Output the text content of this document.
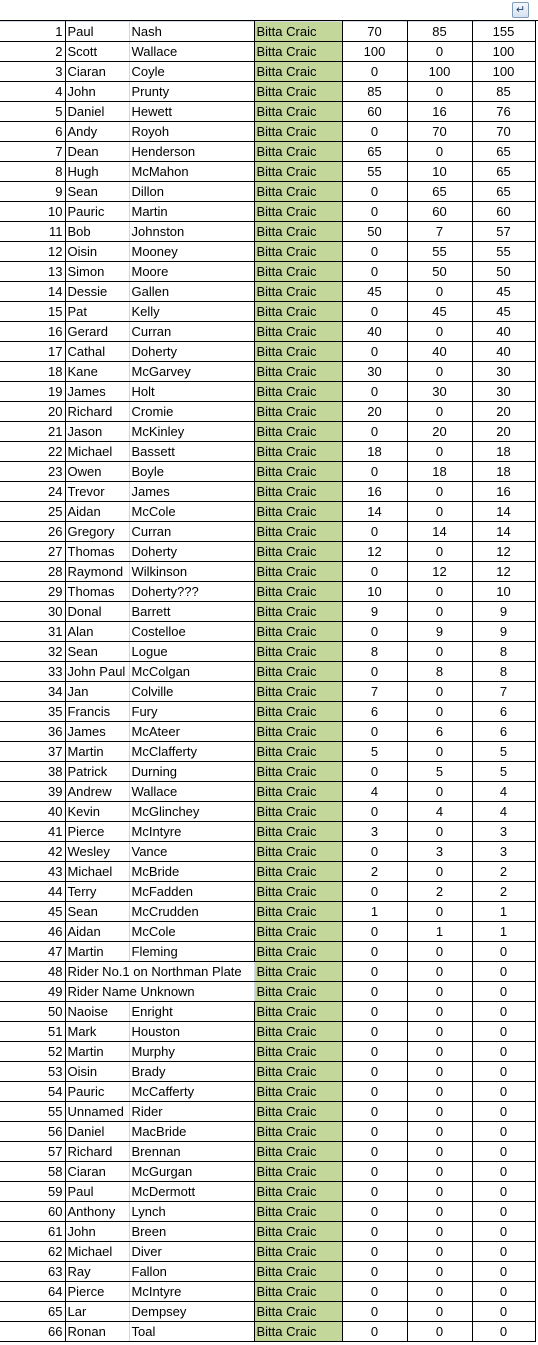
↵
1	Paul	Nash	Bitta Craic	70	85	155
2	Scott	Wallace	Bitta Craic	100	0	100
3	Ciaran	Coyle	Bitta Craic	0	100	100
4	John	Prunty	Bitta Craic	85	0	85
5	Daniel	Hewett	Bitta Craic	60	16	76
6	Andy	Royoh	Bitta Craic	0	70	70
7	Dean	Henderson	Bitta Craic	65	0	65
8	Hugh	McMahon	Bitta Craic	55	10	65
9	Sean	Dillon	Bitta Craic	0	65	65
10	Pauric	Martin	Bitta Craic	0	60	60
11	Bob	Johnston	Bitta Craic	50	7	57
12	Oisin	Mooney	Bitta Craic	0	55	55
13	Simon	Moore	Bitta Craic	0	50	50
14	Dessie	Gallen	Bitta Craic	45	0	45
15	Pat	Kelly	Bitta Craic	0	45	45
16	Gerard	Curran	Bitta Craic	40	0	40
17	Cathal	Doherty	Bitta Craic	0	40	40
18	Kane	McGarvey	Bitta Craic	30	0	30
19	James	Holt	Bitta Craic	0	30	30
20	Richard	Cromie	Bitta Craic	20	0	20
21	Jason	McKinley	Bitta Craic	0	20	20
22	Michael	Bassett	Bitta Craic	18	0	18
23	Owen	Boyle	Bitta Craic	0	18	18
24	Trevor	James	Bitta Craic	16	0	16
25	Aidan	McCole	Bitta Craic	14	0	14
26	Gregory	Curran	Bitta Craic	0	14	14
27	Thomas	Doherty	Bitta Craic	12	0	12
28	Raymond	Wilkinson	Bitta Craic	0	12	12
29	Thomas	Doherty???	Bitta Craic	10	0	10
30	Donal	Barrett	Bitta Craic	9	0	9
31	Alan	Costelloe	Bitta Craic	0	9	9
32	Sean	Logue	Bitta Craic	8	0	8
33	John Paul	McColgan	Bitta Craic	0	8	8
34	Jan	Colville	Bitta Craic	7	0	7
35	Francis	Fury	Bitta Craic	6	0	6
36	James	McAteer	Bitta Craic	0	6	6
37	Martin	McClafferty	Bitta Craic	5	0	5
38	Patrick	Durning	Bitta Craic	0	5	5
39	Andrew	Wallace	Bitta Craic	4	0	4
40	Kevin	McGlinchey	Bitta Craic	0	4	4
41	Pierce	McIntyre	Bitta Craic	3	0	3
42	Wesley	Vance	Bitta Craic	0	3	3
43	Michael	McBride	Bitta Craic	2	0	2
44	Terry	McFadden	Bitta Craic	0	2	2
45	Sean	McCrudden	Bitta Craic	1	0	1
46	Aidan	McCole	Bitta Craic	0	1	1
47	Martin	Fleming	Bitta Craic	0	0	0
48	Rider No.1 on Northman Plate		Bitta Craic	0	0	0
49	Rider Name Unknown		Bitta Craic	0	0	0
50	Naoise	Enright	Bitta Craic	0	0	0
51	Mark	Houston	Bitta Craic	0	0	0
52	Martin	Murphy	Bitta Craic	0	0	0
53	Oisin	Brady	Bitta Craic	0	0	0
54	Pauric	McCafferty	Bitta Craic	0	0	0
55	Unnamed	Rider	Bitta Craic	0	0	0
56	Daniel	MacBride	Bitta Craic	0	0	0
57	Richard	Brennan	Bitta Craic	0	0	0
58	Ciaran	McGurgan	Bitta Craic	0	0	0
59	Paul	McDermott	Bitta Craic	0	0	0
60	Anthony	Lynch	Bitta Craic	0	0	0
61	John	Breen	Bitta Craic	0	0	0
62	Michael	Diver	Bitta Craic	0	0	0
63	Ray	Fallon	Bitta Craic	0	0	0
64	Pierce	McIntyre	Bitta Craic	0	0	0
65	Lar	Dempsey	Bitta Craic	0	0	0
66	Ronan	Toal	Bitta Craic	0	0	0
